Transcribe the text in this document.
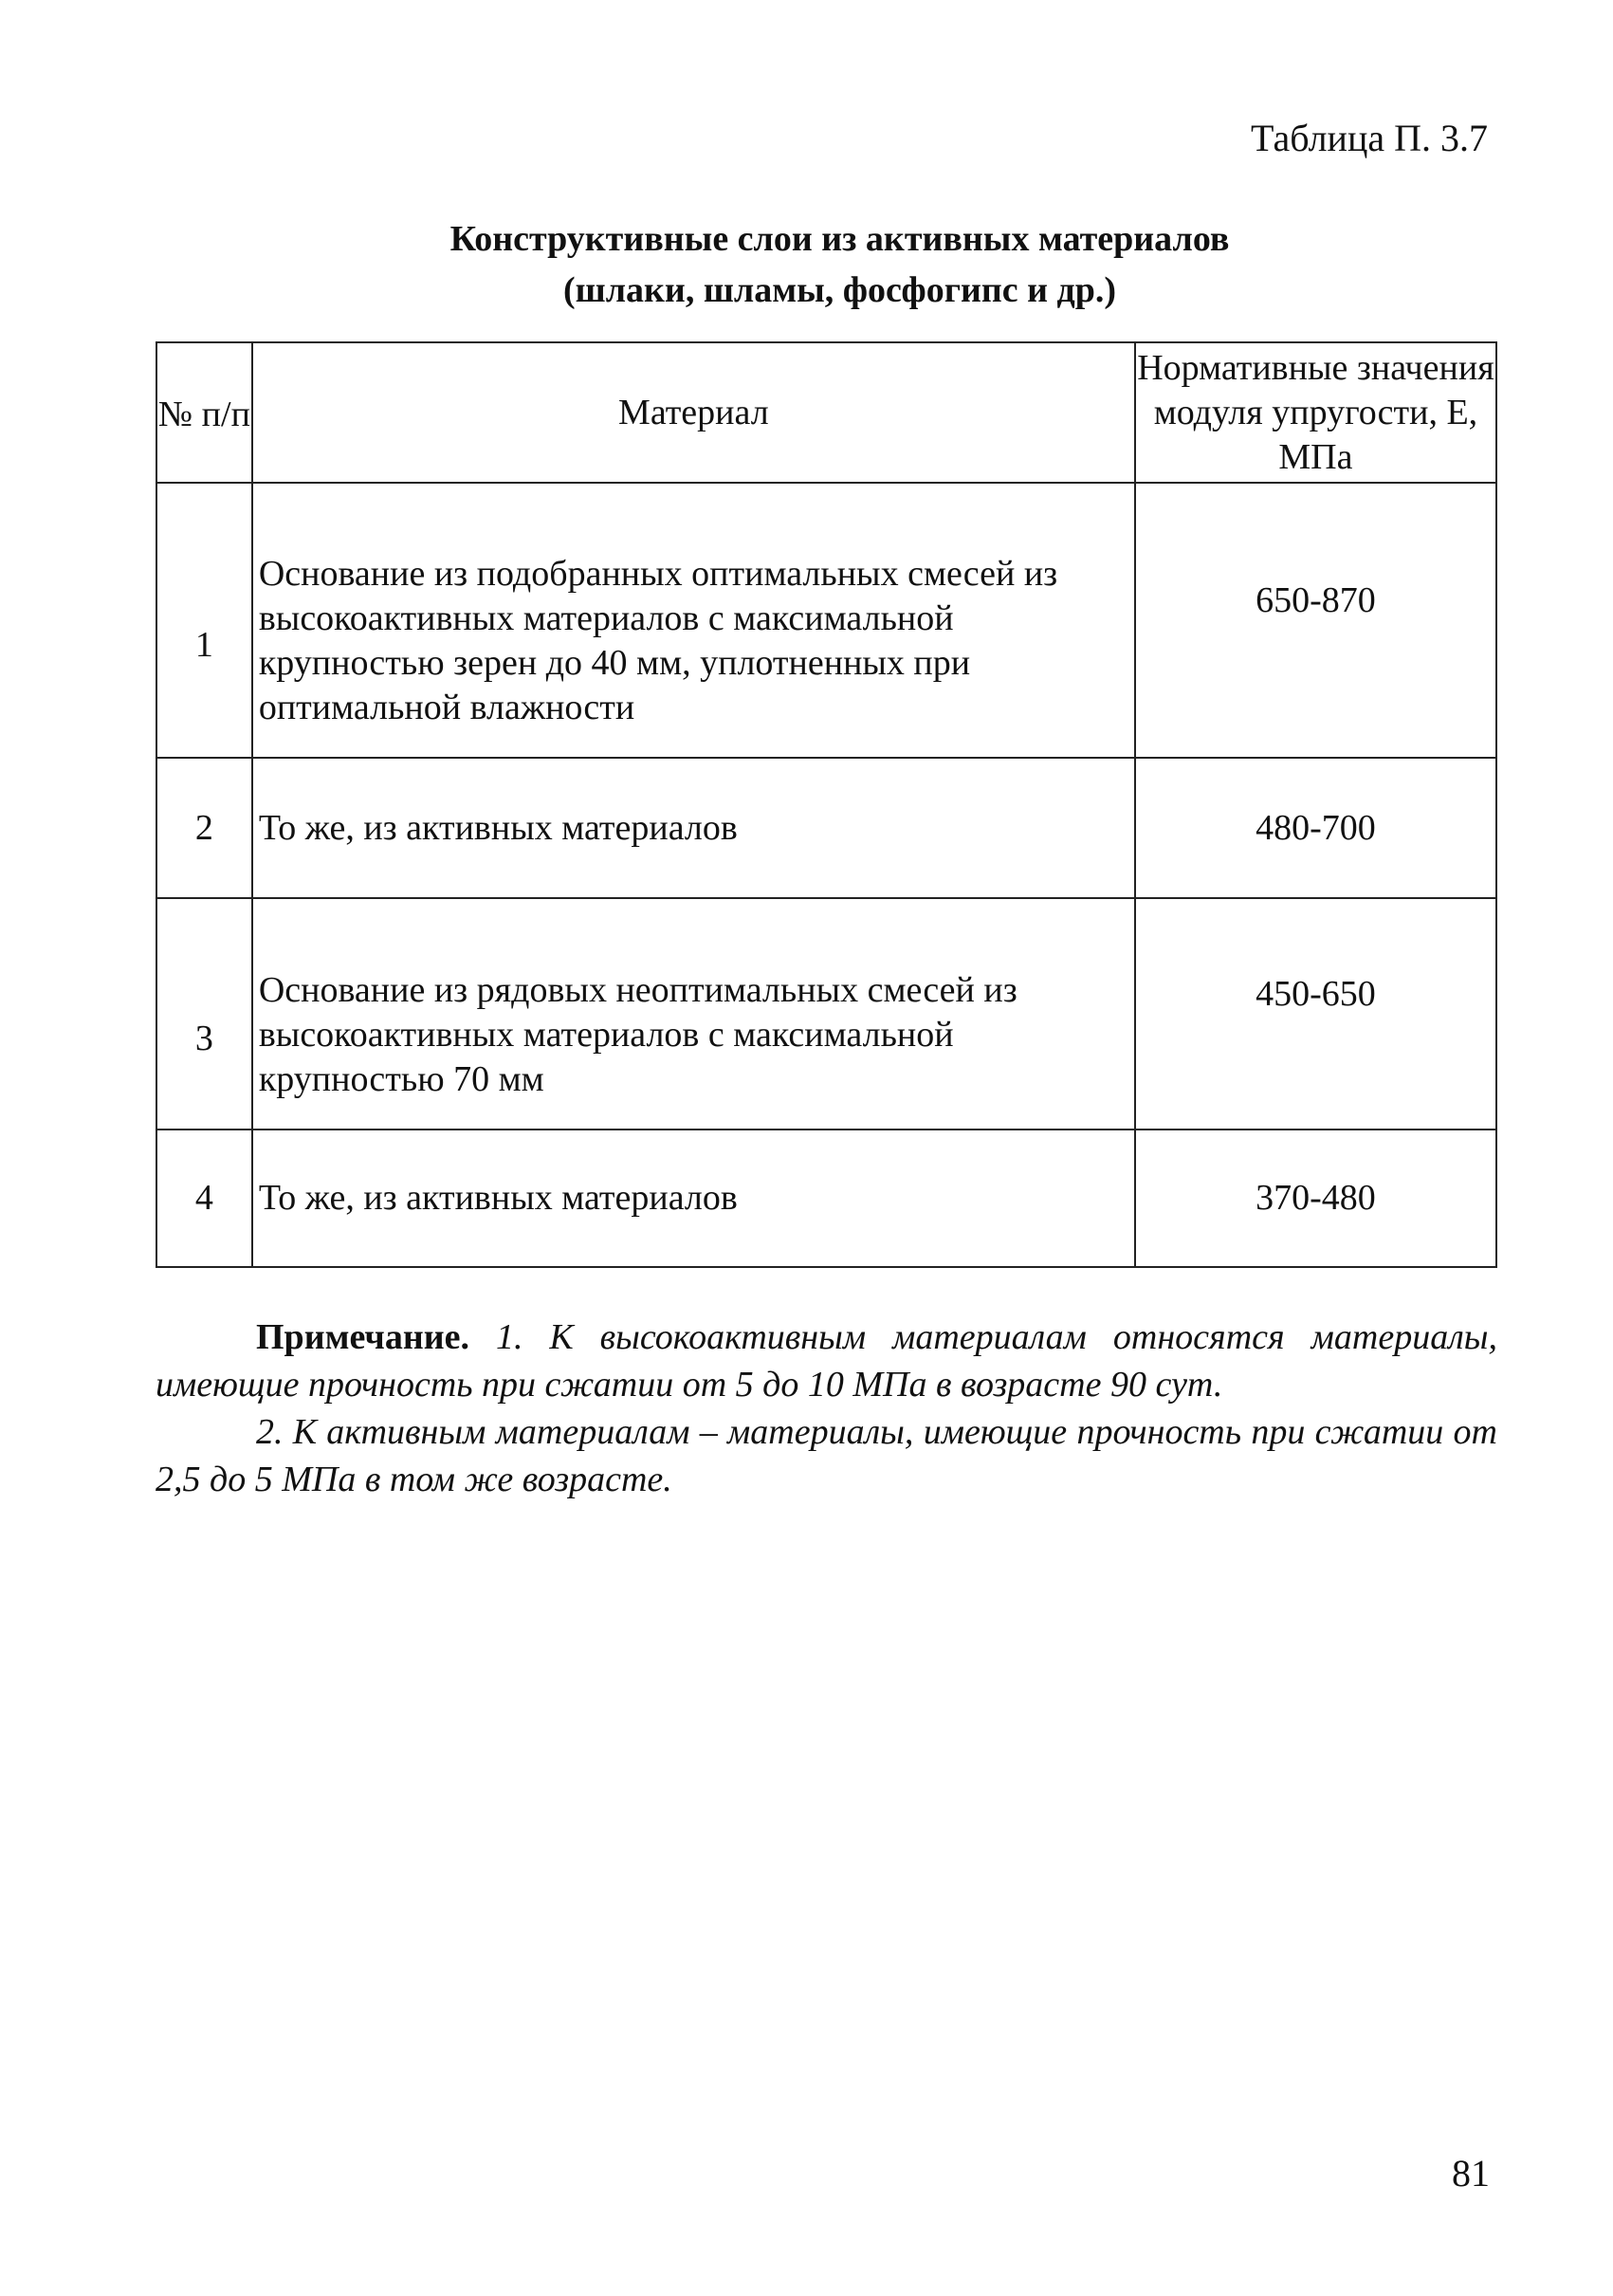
Таблица П. 3.7
Конструктивные слои из активных материалов
(шлаки, шламы, фосфогипс и др.)
№ п/п	Материал	Нормативные значения модуля упругости, Е, МПа
1	Основание из подобранных оптимальных смесей из высокоактивных материалов с максимальной крупностью зерен до 40 мм, уплотненных при оптимальной влажности	650-870
2	То же, из активных материалов	480-700
3	Основание из рядовых неоптимальных смесей из высокоактивных материалов с максимальной крупностью 70 мм	450-650
4	То же, из активных материалов	370-480

Примечание. 1. К высокоактивным материалам относятся материалы, имеющие прочность при сжатии от 5 до 10 МПа в возрасте 90 сут.

2. К активным материалам – материалы, имеющие прочность при сжатии от 2,5 до 5 МПа в том же возрасте.

81
